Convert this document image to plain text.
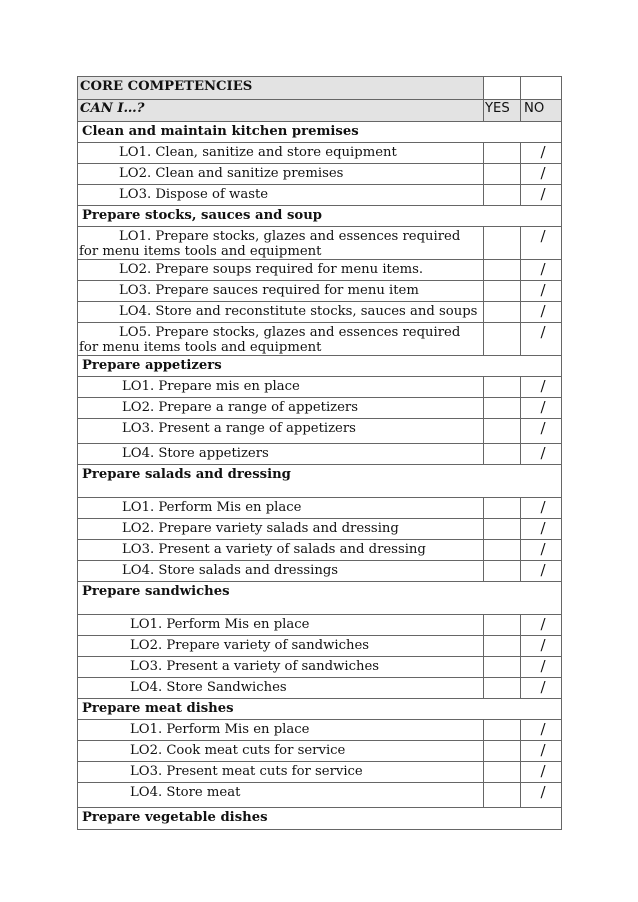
CORE COMPETENCIES		
CAN I…?	YES	NO
Clean and maintain kitchen premises		
LO1. Clean, sanitize and store equipment		/
LO2. Clean and sanitize premises		/
LO3. Dispose of waste		/
Prepare stocks, sauces and soup		
LO1. Prepare stocks, glazes and essences required for menu items tools and equipment		/
LO2. Prepare soups required for menu items.		/
LO3. Prepare sauces required for menu item		/
LO4. Store and reconstitute stocks, sauces and soups		/
LO5. Prepare stocks, glazes and essences required for menu items tools and equipment		/
Prepare appetizers		
LO1. Prepare mis en place		/
LO2. Prepare a range of appetizers		/
LO3. Present a range of appetizers		/
LO4. Store appetizers		/
Prepare salads and dressing		
LO1. Perform Mis en place		/
LO2. Prepare variety salads and dressing		/
LO3. Present a variety of salads and dressing		/
LO4. Store salads and dressings		/
Prepare sandwiches		
LO1. Perform Mis en place		/
LO2. Prepare variety of sandwiches		/
LO3. Present a variety of sandwiches		/
LO4. Store Sandwiches		/
Prepare meat dishes		
LO1. Perform Mis en place		/
LO2. Cook meat cuts for service		/
LO3. Present meat cuts for service		/
LO4. Store meat		/
Prepare vegetable dishes		
